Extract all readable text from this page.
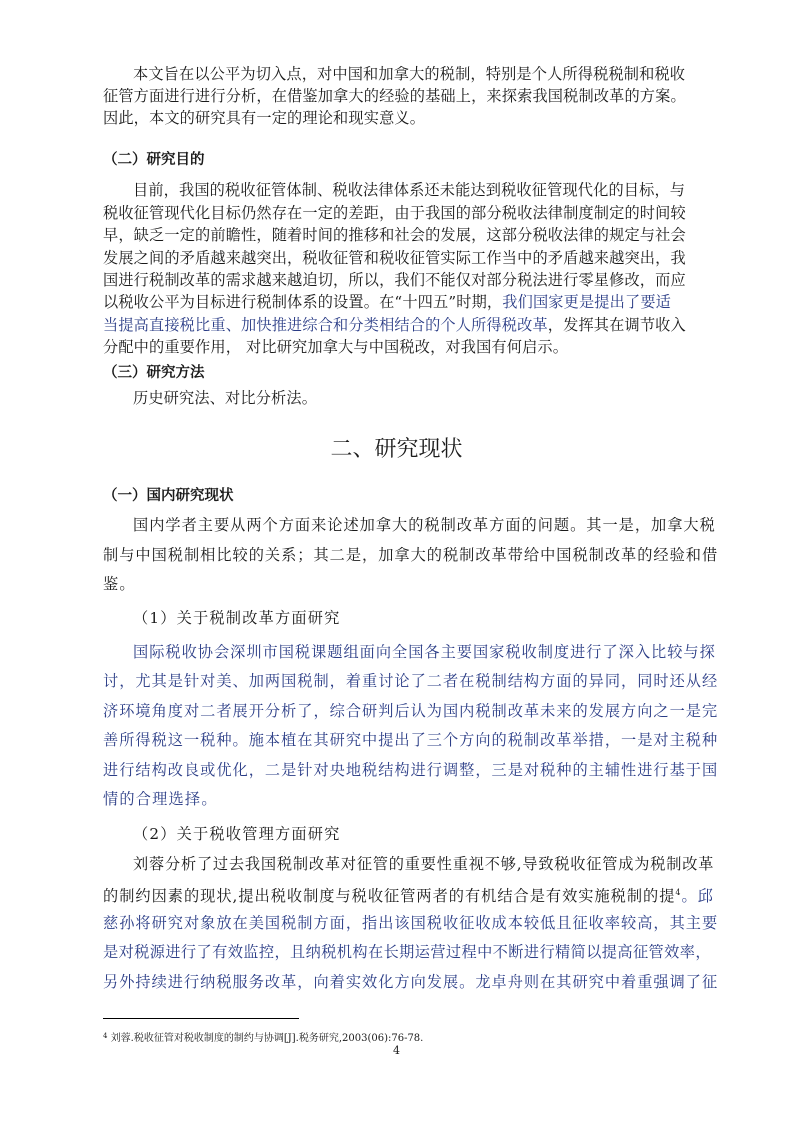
本文旨在以公平为切入点，对中国和加拿大的税制，特别是个人所得税税制和税收
征管方面进行进行分析，在借鉴加拿大的经验的基础上，来探索我国税制改革的方案。
因此，本文的研究具有一定的理论和现实意义。
（二）研究目的
目前，我国的税收征管体制、税收法律体系还未能达到税收征管现代化的目标，与
税收征管现代化目标仍然存在一定的差距，由于我国的部分税收法律制度制定的时间较
早，缺乏一定的前瞻性，随着时间的推移和社会的发展，这部分税收法律的规定与社会
发展之间的矛盾越来越突出，税收征管和税收征管实际工作当中的矛盾越来越突出，我
国进行税制改革的需求越来越迫切，所以，我们不能仅对部分税法进行零星修改，而应
以税收公平为目标进行税制体系的设置。在“十四五”时期，我们国家更是提出了要适
当提高直接税比重、加快推进综合和分类相结合的个人所得税改革，发挥其在调节收入
分配中的重要作用， 对比研究加拿大与中国税改，对我国有何启示。
（三）研究方法
历史研究法、对比分析法。
二、研究现状
（一）国内研究现状
国内学者主要从两个方面来论述加拿大的税制改革方面的问题。其一是，加拿大税
制与中国税制相比较的关系；其二是，加拿大的税制改革带给中国税制改革的经验和借
鉴。
（1）关于税制改革方面研究
国际税收协会深圳市国税课题组面向全国各主要国家税收制度进行了深入比较与探
讨，尤其是针对美、加两国税制，着重讨论了二者在税制结构方面的异同，同时还从经
济环境角度对二者展开分析了，综合研判后认为国内税制改革未来的发展方向之一是完
善所得税这一税种。施本植在其研究中提出了三个方向的税制改革举措，一是对主税种
进行结构改良或优化，二是针对央地税结构进行调整，三是对税种的主辅性进行基于国
情的合理选择。
（2）关于税收管理方面研究
刘蓉分析了过去我国税制改革对征管的重要性重视不够,导致税收征管成为税制改革
的制约因素的现状,提出税收制度与税收征管两者的有机结合是有效实施税制的提$^4$。邱
慈孙将研究对象放在美国税制方面，指出该国税收征收成本较低且征收率较高，其主要
是对税源进行了有效监控，且纳税机构在长期运营过程中不断进行精简以提高征管效率，
另外持续进行纳税服务改革，向着实效化方向发展。龙卓舟则在其研究中着重强调了征
$^4$ 刘蓉.税收征管对税收制度的制约与协调[J].税务研究,2003(06):76-78.
4
